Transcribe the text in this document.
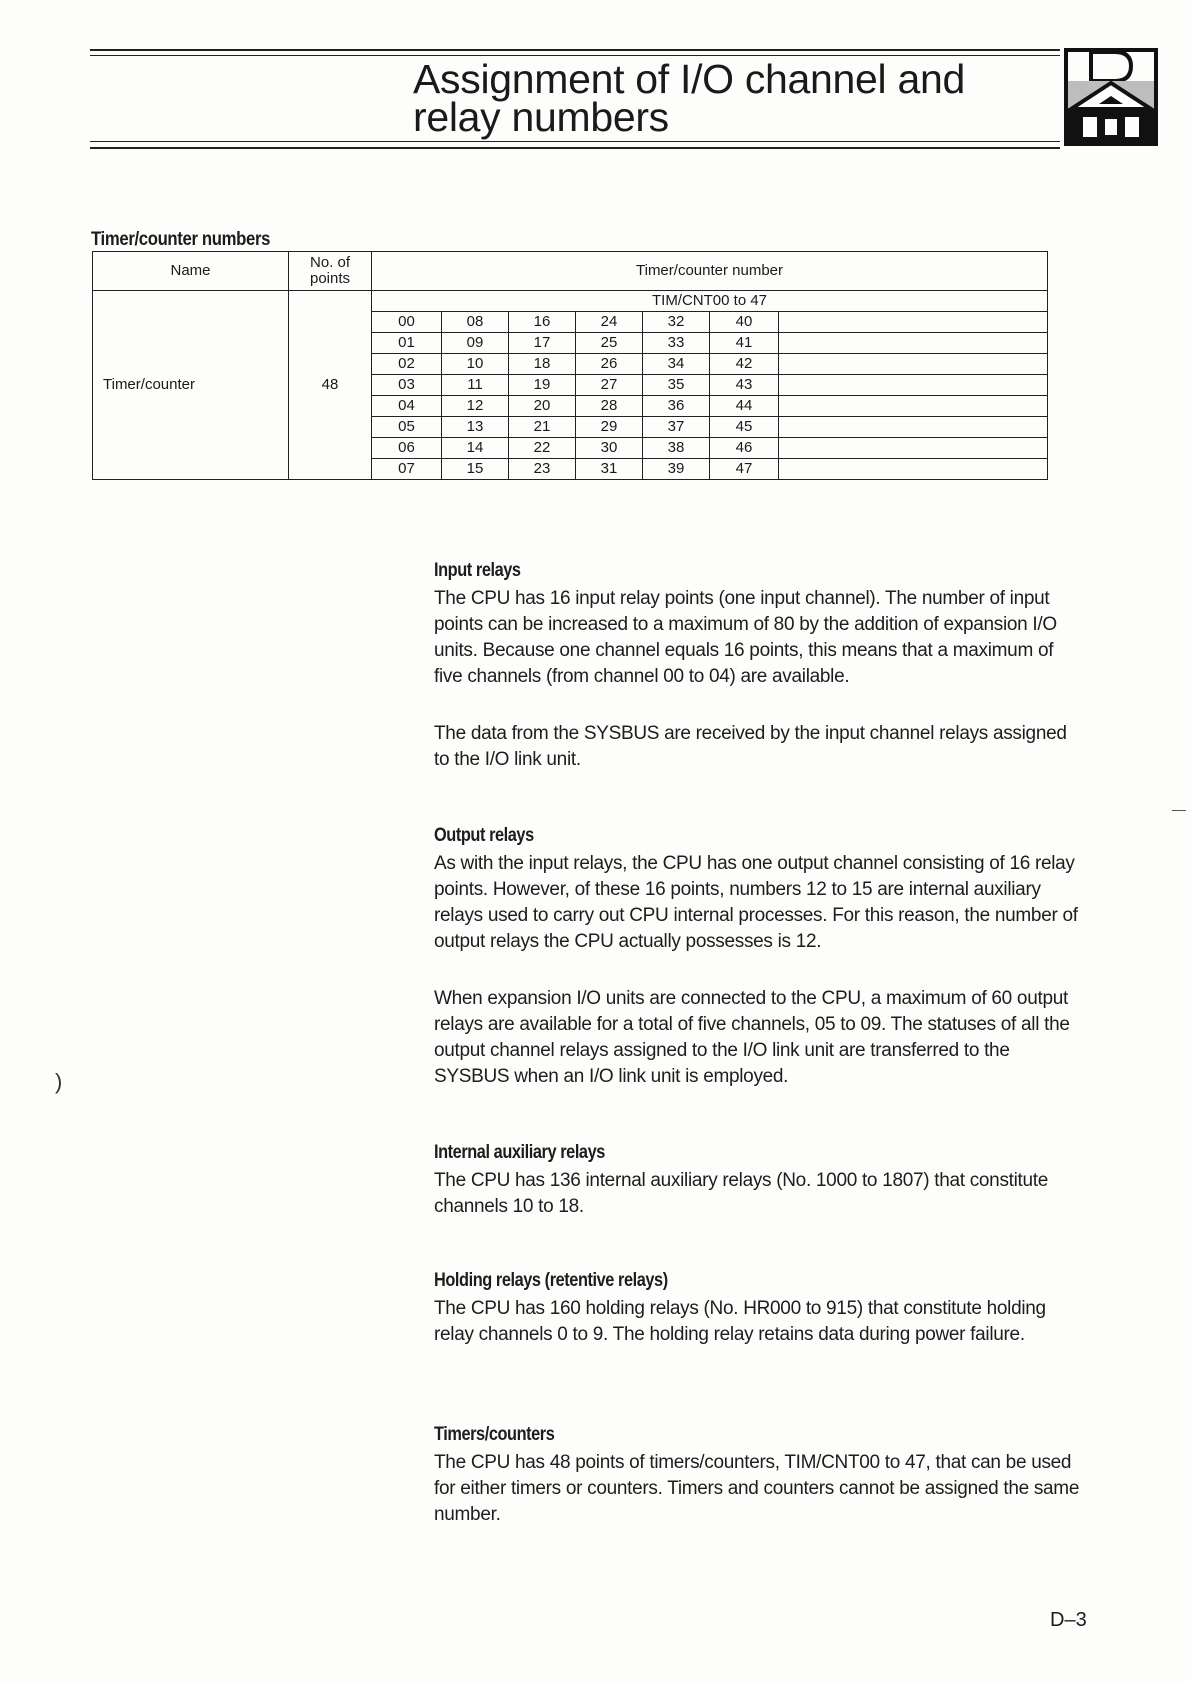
Assignment of I/O channel and
relay numbers
Timer/counter numbers
Name	No. of points	Timer/counter number						
Timer/counter	48	TIM/CNT00 to 47						
		00	08	16	24	32	40	
		01	09	17	25	33	41	
		02	10	18	26	34	42	
		03	11	19	27	35	43	
		04	12	20	28	36	44	
		05	13	21	29	37	45	
		06	14	22	30	38	46	
		07	15	23	31	39	47	
Input relays

The CPU has 16 input relay points (one input channel). The number of input points can be increased to a maximum of 80 by the addition of expansion I/O units. Because one channel equals 16 points, this means that a maximum of five channels (from channel 00 to 04) are available.

The data from the SYSBUS are received by the input channel relays assigned to the I/O link unit.

Output relays

As with the input relays, the CPU has one output channel consisting of 16 relay points. However, of these 16 points, numbers 12 to 15 are internal auxiliary relays used to carry out CPU internal processes. For this reason, the number of output relays the CPU actually possesses is 12.

When expansion I/O units are connected to the CPU, a maximum of 60 output relays are available for a total of five channels, 05 to 09. The statuses of all the output channel relays assigned to the I/O link unit are transferred to the SYSBUS when an I/O link unit is employed.

Internal auxiliary relays

The CPU has 136 internal auxiliary relays (No. 1000 to 1807) that constitute channels 10 to 18.

Holding relays (retentive relays)

The CPU has 160 holding relays (No. HR000 to 915) that constitute holding relay channels 0 to 9. The holding relay retains data during power failure.

Timers/counters

The CPU has 48 points of timers/counters, TIM/CNT00 to 47, that can be used for either timers or counters. Timers and counters cannot be assigned the same number.

)
D–3
